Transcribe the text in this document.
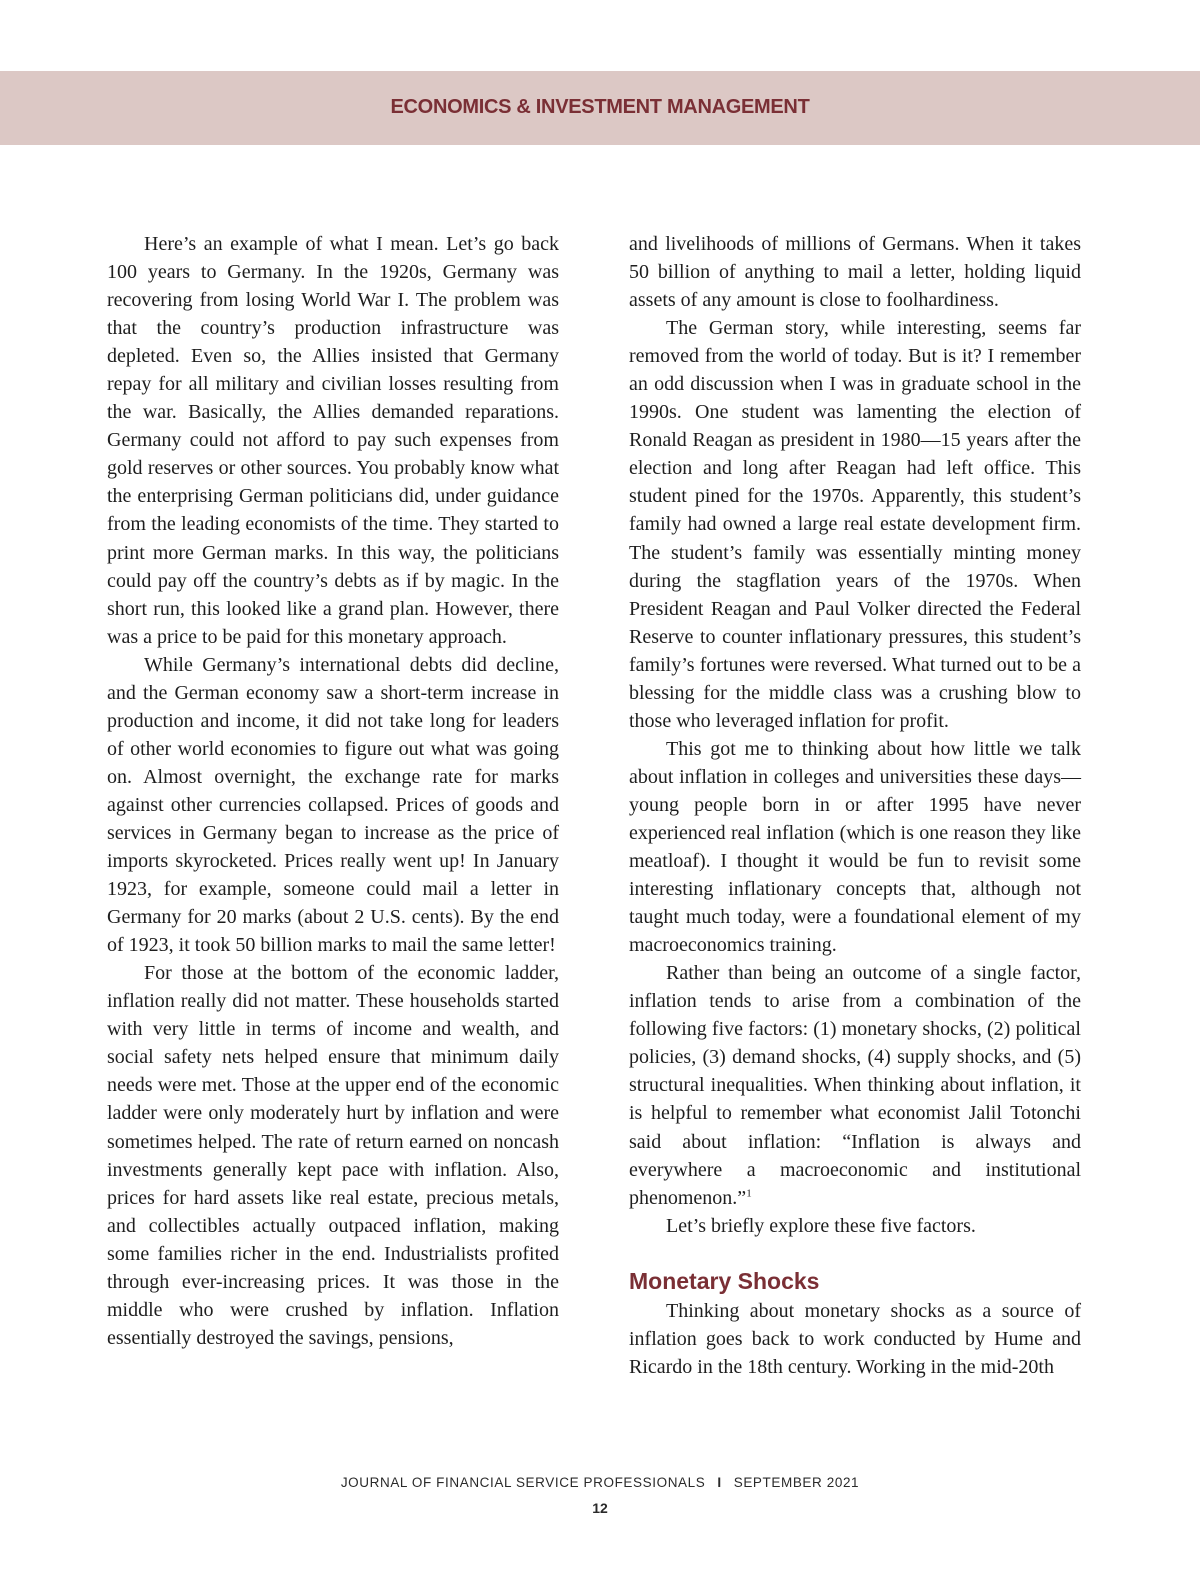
ECONOMICS & INVESTMENT MANAGEMENT

Here’s an example of what I mean. Let’s go back 100 years to Germany. In the 1920s, Germany was recovering from losing World War I. The problem was that the country’s production infrastructure was depleted. Even so, the Allies insisted that Germany repay for all military and civilian losses resulting from the war. Basically, the Allies demanded reparations. Germany could not afford to pay such expenses from gold reserves or other sources. You probably know what the enterprising German politicians did, under guidance from the leading economists of the time. They started to print more German marks. In this way, the politicians could pay off the country’s debts as if by magic. In the short run, this looked like a grand plan. However, there was a price to be paid for this monetary approach.

While Germany’s international debts did decline, and the German economy saw a short-term increase in production and income, it did not take long for leaders of other world economies to figure out what was going on. Almost overnight, the exchange rate for marks against other currencies collapsed. Prices of goods and services in Germany began to increase as the price of imports skyrocketed. Prices really went up! In January 1923, for example, someone could mail a letter in Germany for 20 marks (about 2 U.S. cents). By the end of 1923, it took 50 billion marks to mail the same letter!

For those at the bottom of the economic ladder, inflation really did not matter. These households started with very little in terms of income and wealth, and social safety nets helped ensure that minimum daily needs were met. Those at the upper end of the economic ladder were only moderately hurt by inflation and were sometimes helped. The rate of return earned on noncash investments generally kept pace with inflation. Also, prices for hard assets like real estate, precious metals, and collectibles actually outpaced inflation, making some families richer in the end. Industrialists profited through ever-increasing prices. It was those in the middle who were crushed by inflation. Inflation essentially destroyed the savings, pensions,

and livelihoods of millions of Germans. When it takes 50 billion of anything to mail a letter, holding liquid assets of any amount is close to foolhardiness.

The German story, while interesting, seems far removed from the world of today. But is it? I remember an odd discussion when I was in graduate school in the 1990s. One student was lamenting the election of Ronald Reagan as president in 1980—15 years after the election and long after Reagan had left office. This student pined for the 1970s. Apparently, this student’s family had owned a large real estate development firm. The student’s family was essentially minting money during the stagflation years of the 1970s. When President Reagan and Paul Volker directed the Federal Reserve to counter inflationary pressures, this student’s family’s fortunes were reversed. What turned out to be a blessing for the middle class was a crushing blow to those who leveraged inflation for profit.

This got me to thinking about how little we talk about inflation in colleges and universities these days—young people born in or after 1995 have never experienced real inflation (which is one reason they like meatloaf). I thought it would be fun to revisit some interesting inflationary concepts that, although not taught much today, were a foundational element of my macroeconomics training.

Rather than being an outcome of a single factor, inflation tends to arise from a combination of the following five factors: (1) monetary shocks, (2) political policies, (3) demand shocks, (4) supply shocks, and (5) structural inequalities. When thinking about inflation, it is helpful to remember what economist Jalil Totonchi said about inflation: “Inflation is always and everywhere a macroeconomic and institutional phenomenon.”$^1$

Let’s briefly explore these five factors.

Monetary Shocks

Thinking about monetary shocks as a source of inflation goes back to work conducted by Hume and Ricardo in the 18th century. Working in the mid-20th

JOURNAL OF FINANCIAL SERVICE PROFESSIONALS I SEPTEMBER 2021
12
